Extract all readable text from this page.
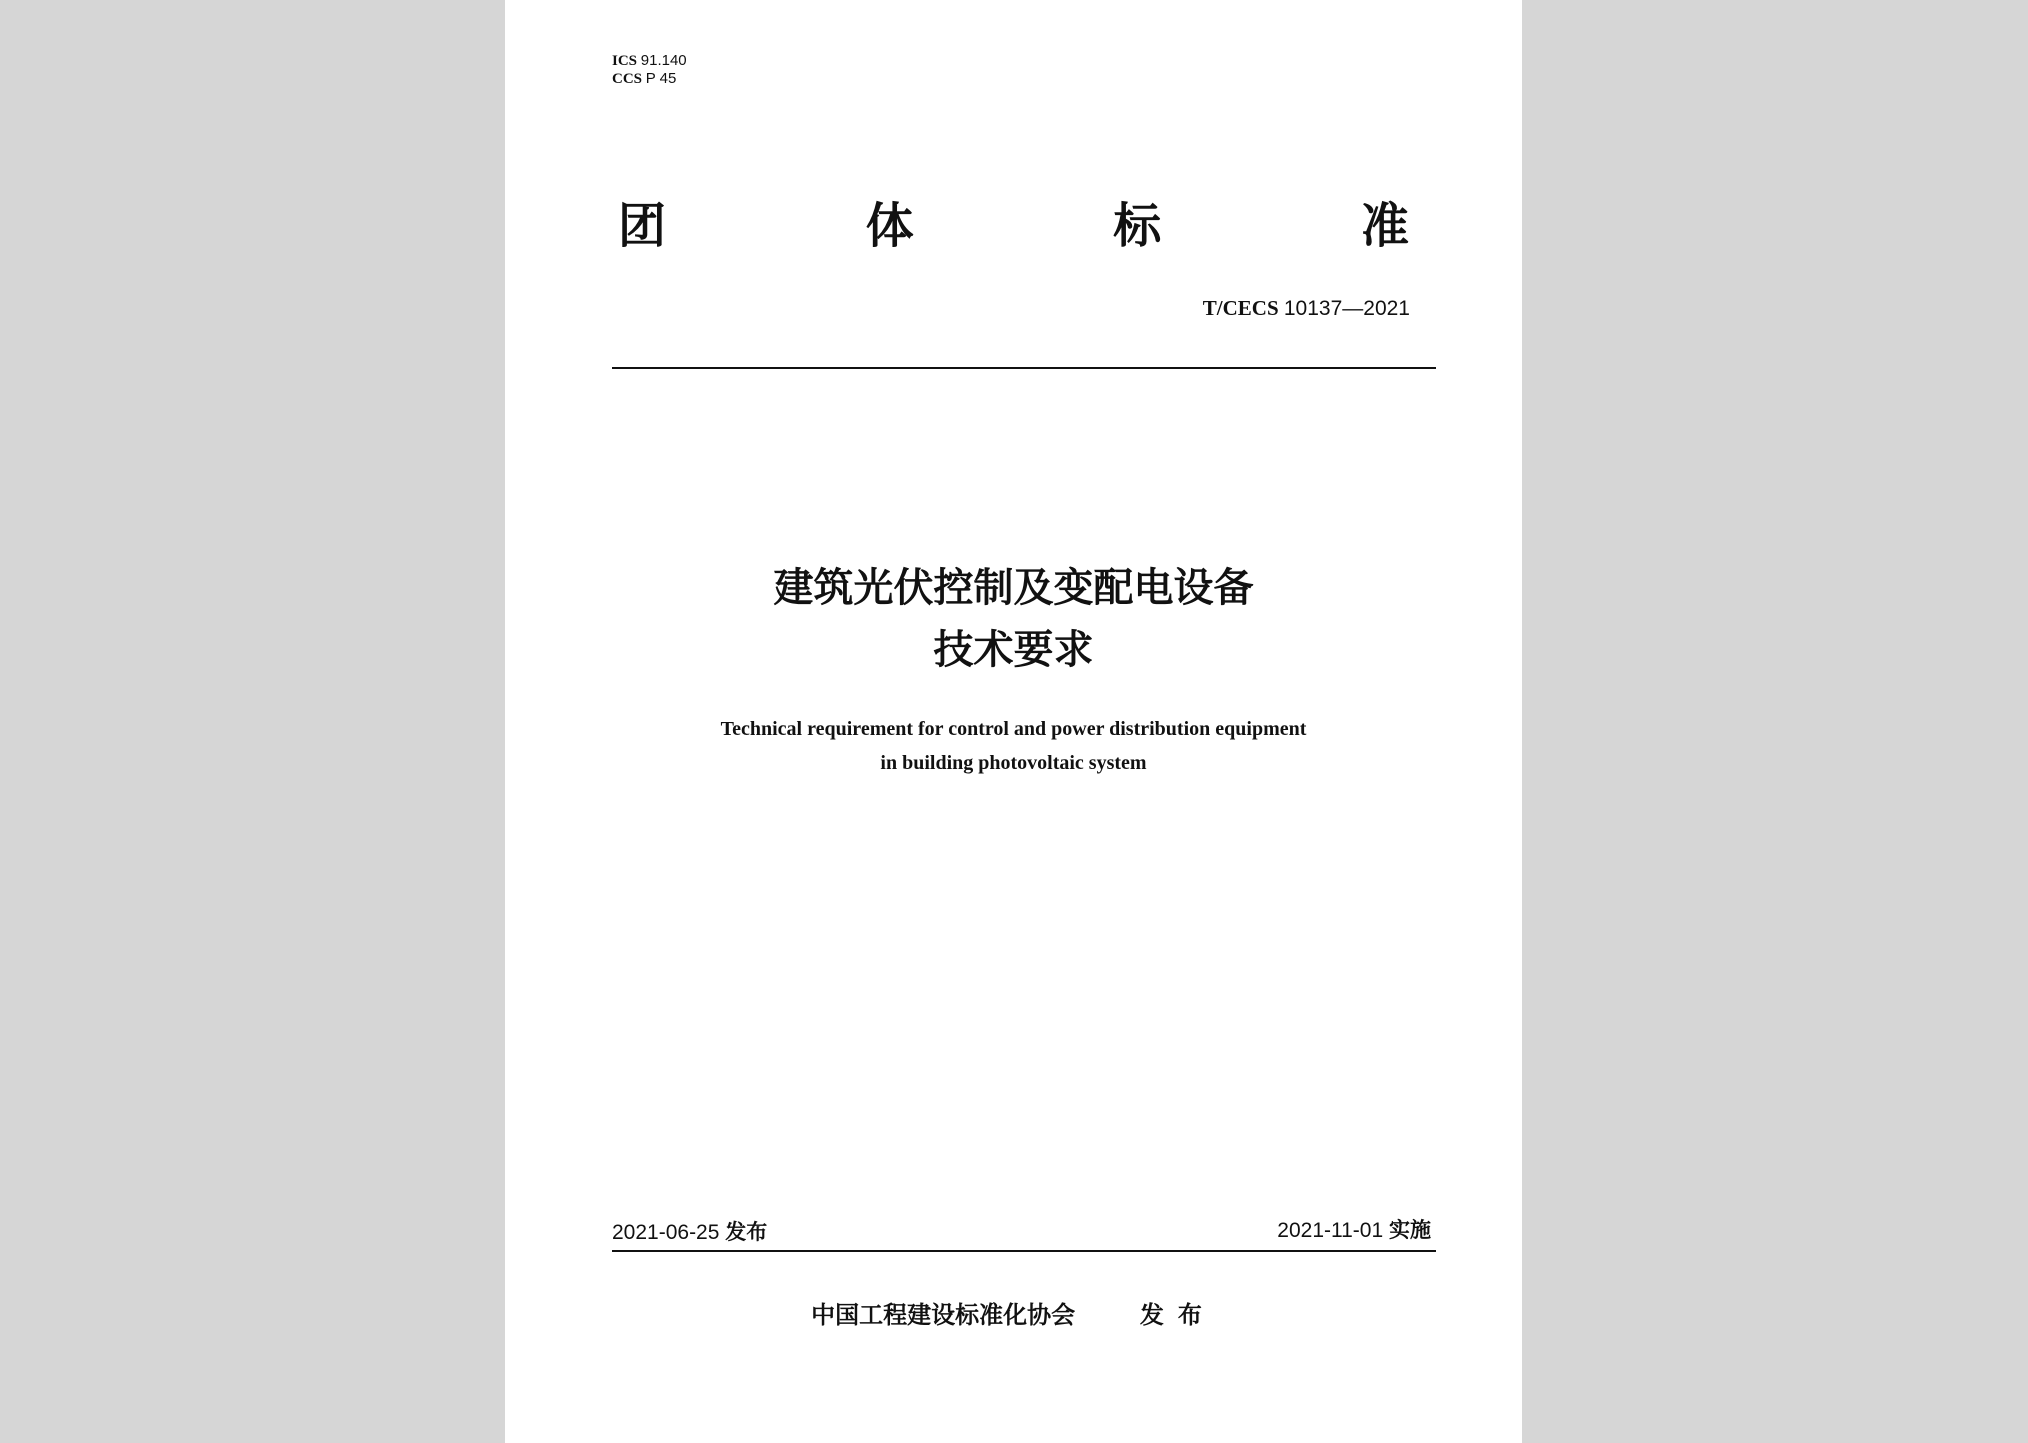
ICS 91.140
CCS P 45
团	体	标	准
T/CECS 10137—2021
建筑光伏控制及变配电设备
技术要求
Technical requirement for control and power distribution equipment
in building photovoltaic system
2021-06-25 发布	2021-11-01 实施
中国工程建设标准化协会	发布
